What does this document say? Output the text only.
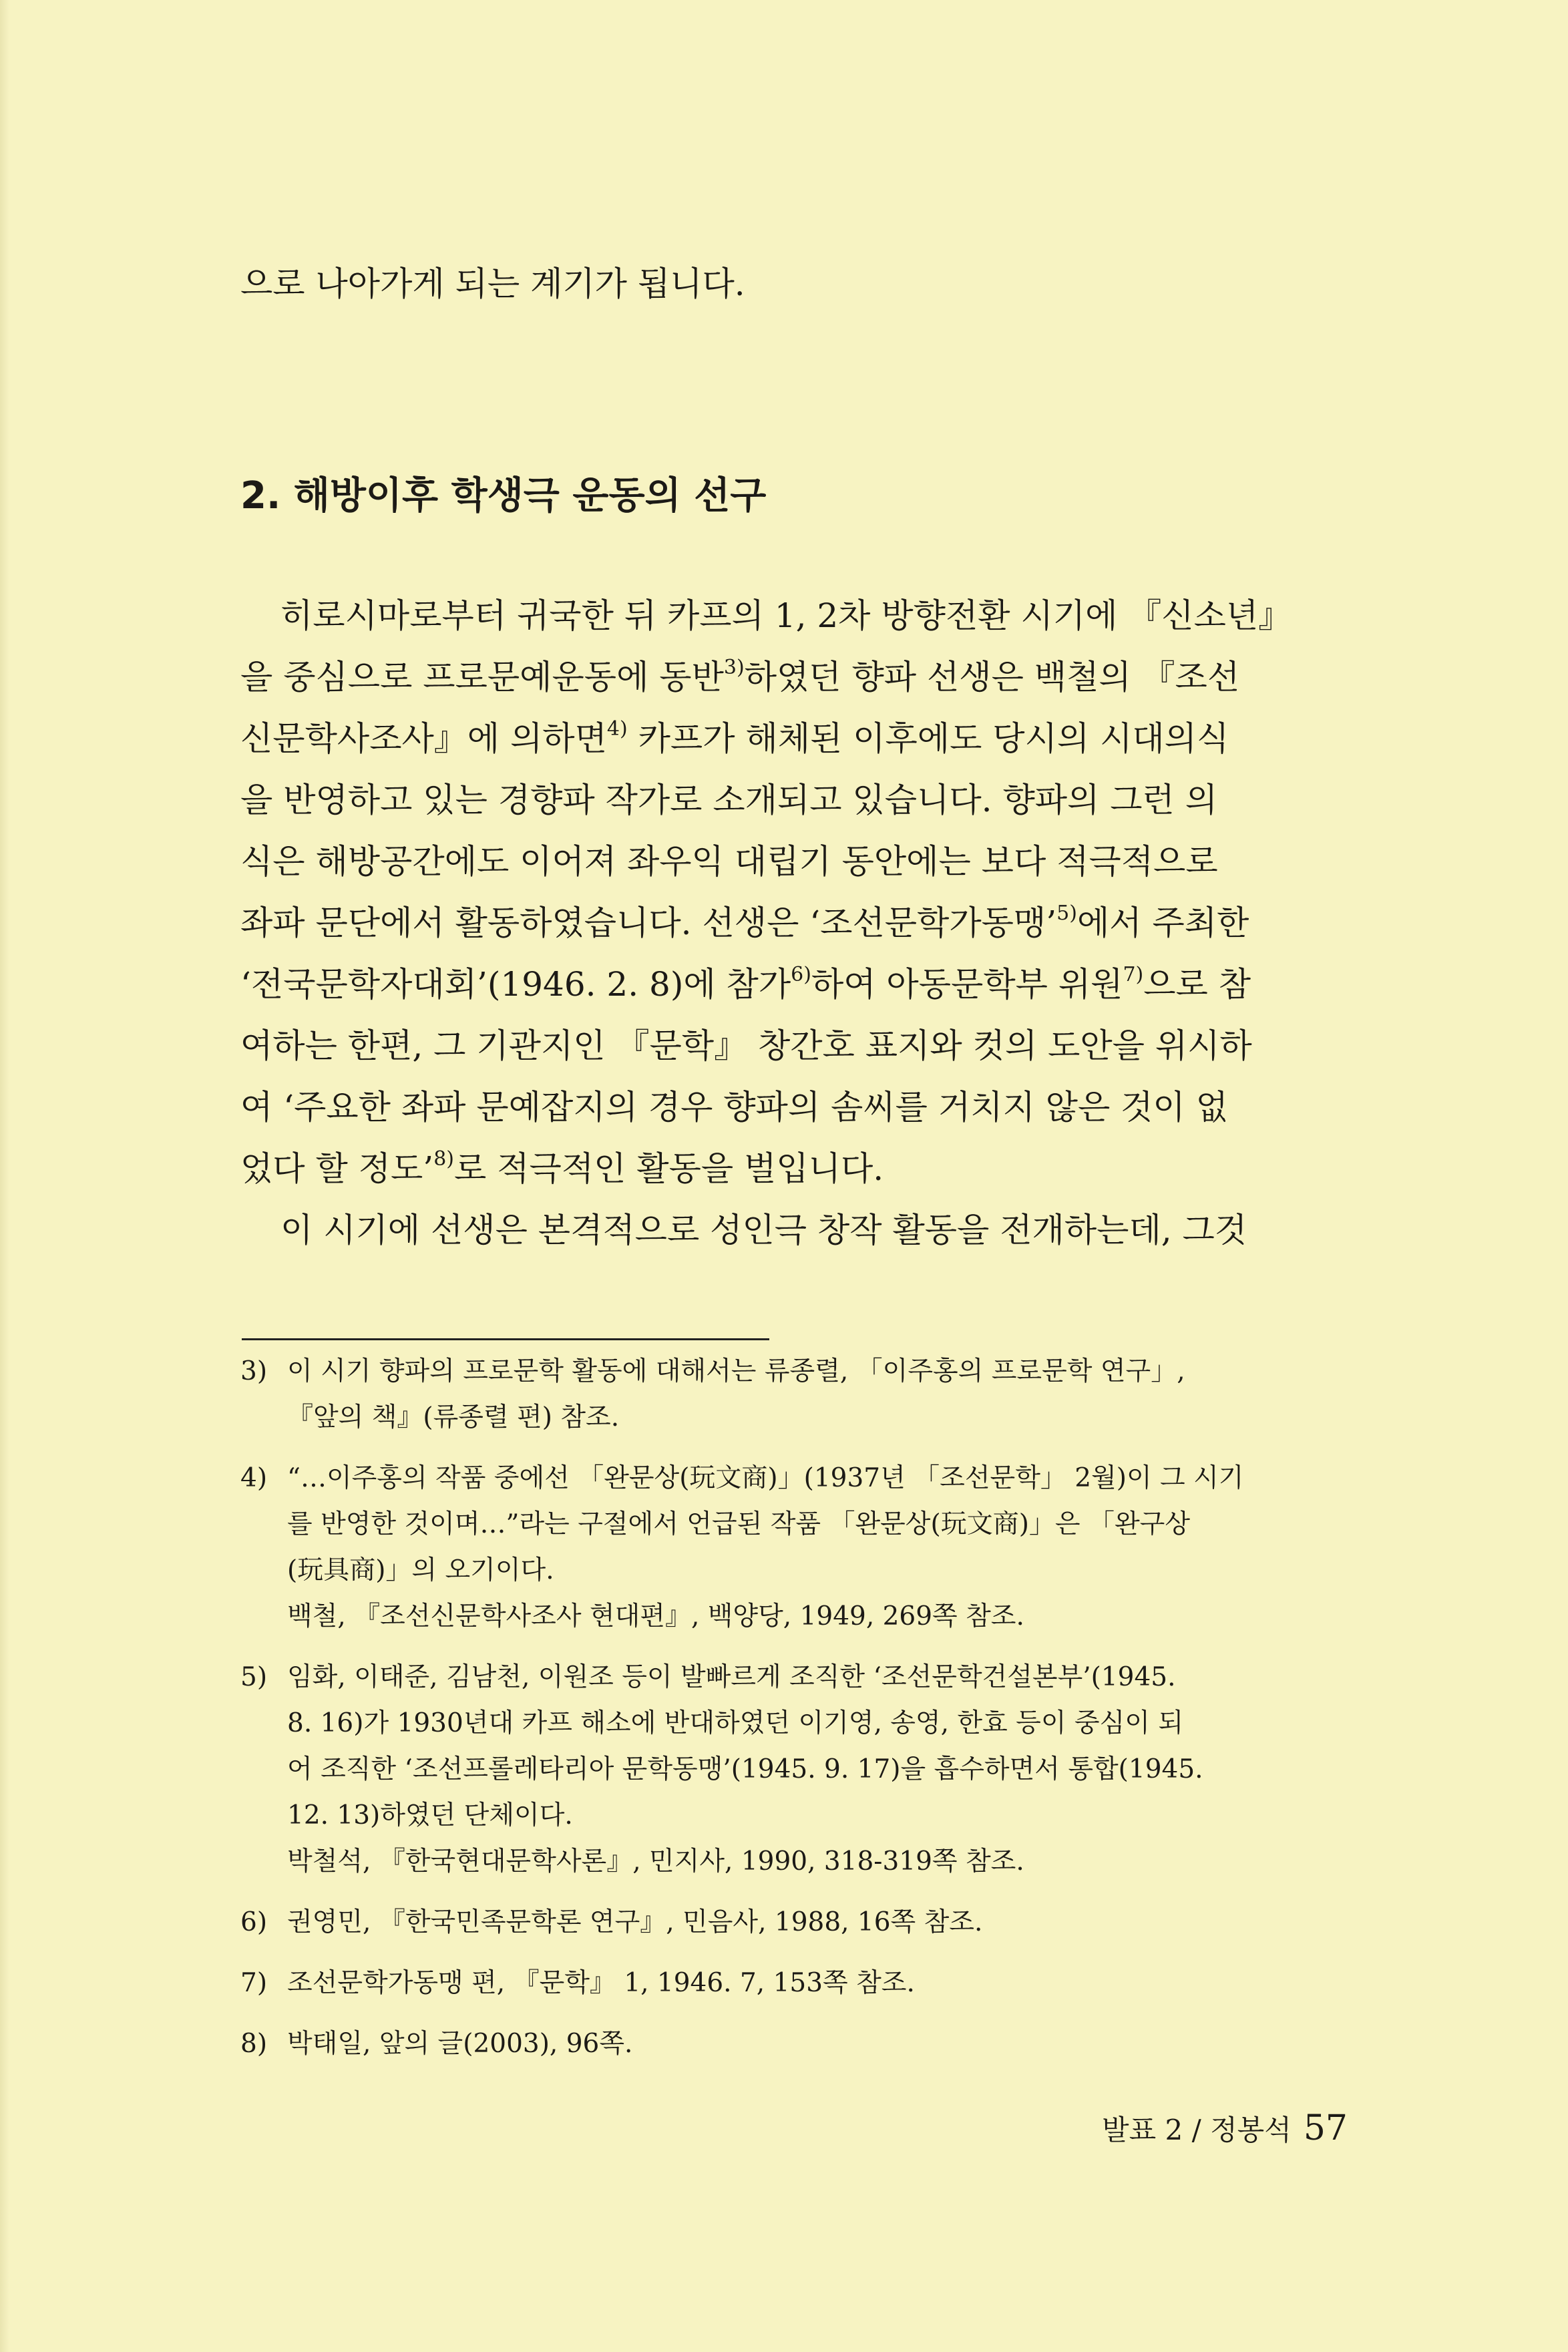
으로 나아가게 되는 계기가 됩니다.
2. 해방이후 학생극 운동의 선구
히로시마로부터 귀국한 뒤 카프의 1, 2차 방향전환 시기에 『신소년』
을 중심으로 프로문예운동에 동반$^{3)}$하였던 향파 선생은 백철의 『조선
신문학사조사』에 의하면$^{4)}$ 카프가 해체된 이후에도 당시의 시대의식
을 반영하고 있는 경향파 작가로 소개되고 있습니다. 향파의 그런 의
식은 해방공간에도 이어져 좌우익 대립기 동안에는 보다 적극적으로
좌파 문단에서 활동하였습니다. 선생은 ‘조선문학가동맹’$^{5)}$에서 주최한
‘전국문학자대회’(1946. 2. 8)에 참가$^{6)}$하여 아동문학부 위원$^{7)}$으로 참
여하는 한편, 그 기관지인 『문학』 창간호 표지와 컷의 도안을 위시하
여 ‘주요한 좌파 문예잡지의 경우 향파의 솜씨를 거치지 않은 것이 없
었다 할 정도’$^{8)}$로 적극적인 활동을 벌입니다.
이 시기에 선생은 본격적으로 성인극 창작 활동을 전개하는데, 그것
3) 이 시기 향파의 프로문학 활동에 대해서는 류종렬, 「이주홍의 프로문학 연구」,
『앞의 책』(류종렬 편) 참조.
4) “…이주홍의 작품 중에선 「완문상(玩文商)」(1937년 「조선문학」 2월)이 그 시기
를 반영한 것이며…”라는 구절에서 언급된 작품 「완문상(玩文商)」은 「완구상
(玩具商)」의 오기이다.
백철, 『조선신문학사조사 현대편』, 백양당, 1949, 269쪽 참조.
5) 임화, 이태준, 김남천, 이원조 등이 발빠르게 조직한 ‘조선문학건설본부’(1945.
8. 16)가 1930년대 카프 해소에 반대하였던 이기영, 송영, 한효 등이 중심이 되
어 조직한 ‘조선프롤레타리아 문학동맹’(1945. 9. 17)을 흡수하면서 통합(1945.
12. 13)하였던 단체이다.
박철석, 『한국현대문학사론』, 민지사, 1990, 318-319쪽 참조.
6) 권영민, 『한국민족문학론 연구』, 민음사, 1988, 16쪽 참조.
7) 조선문학가동맹 편, 『문학』 1, 1946. 7, 153쪽 참조.
8) 박태일, 앞의 글(2003), 96쪽.
발표 2 / 정봉석 57
